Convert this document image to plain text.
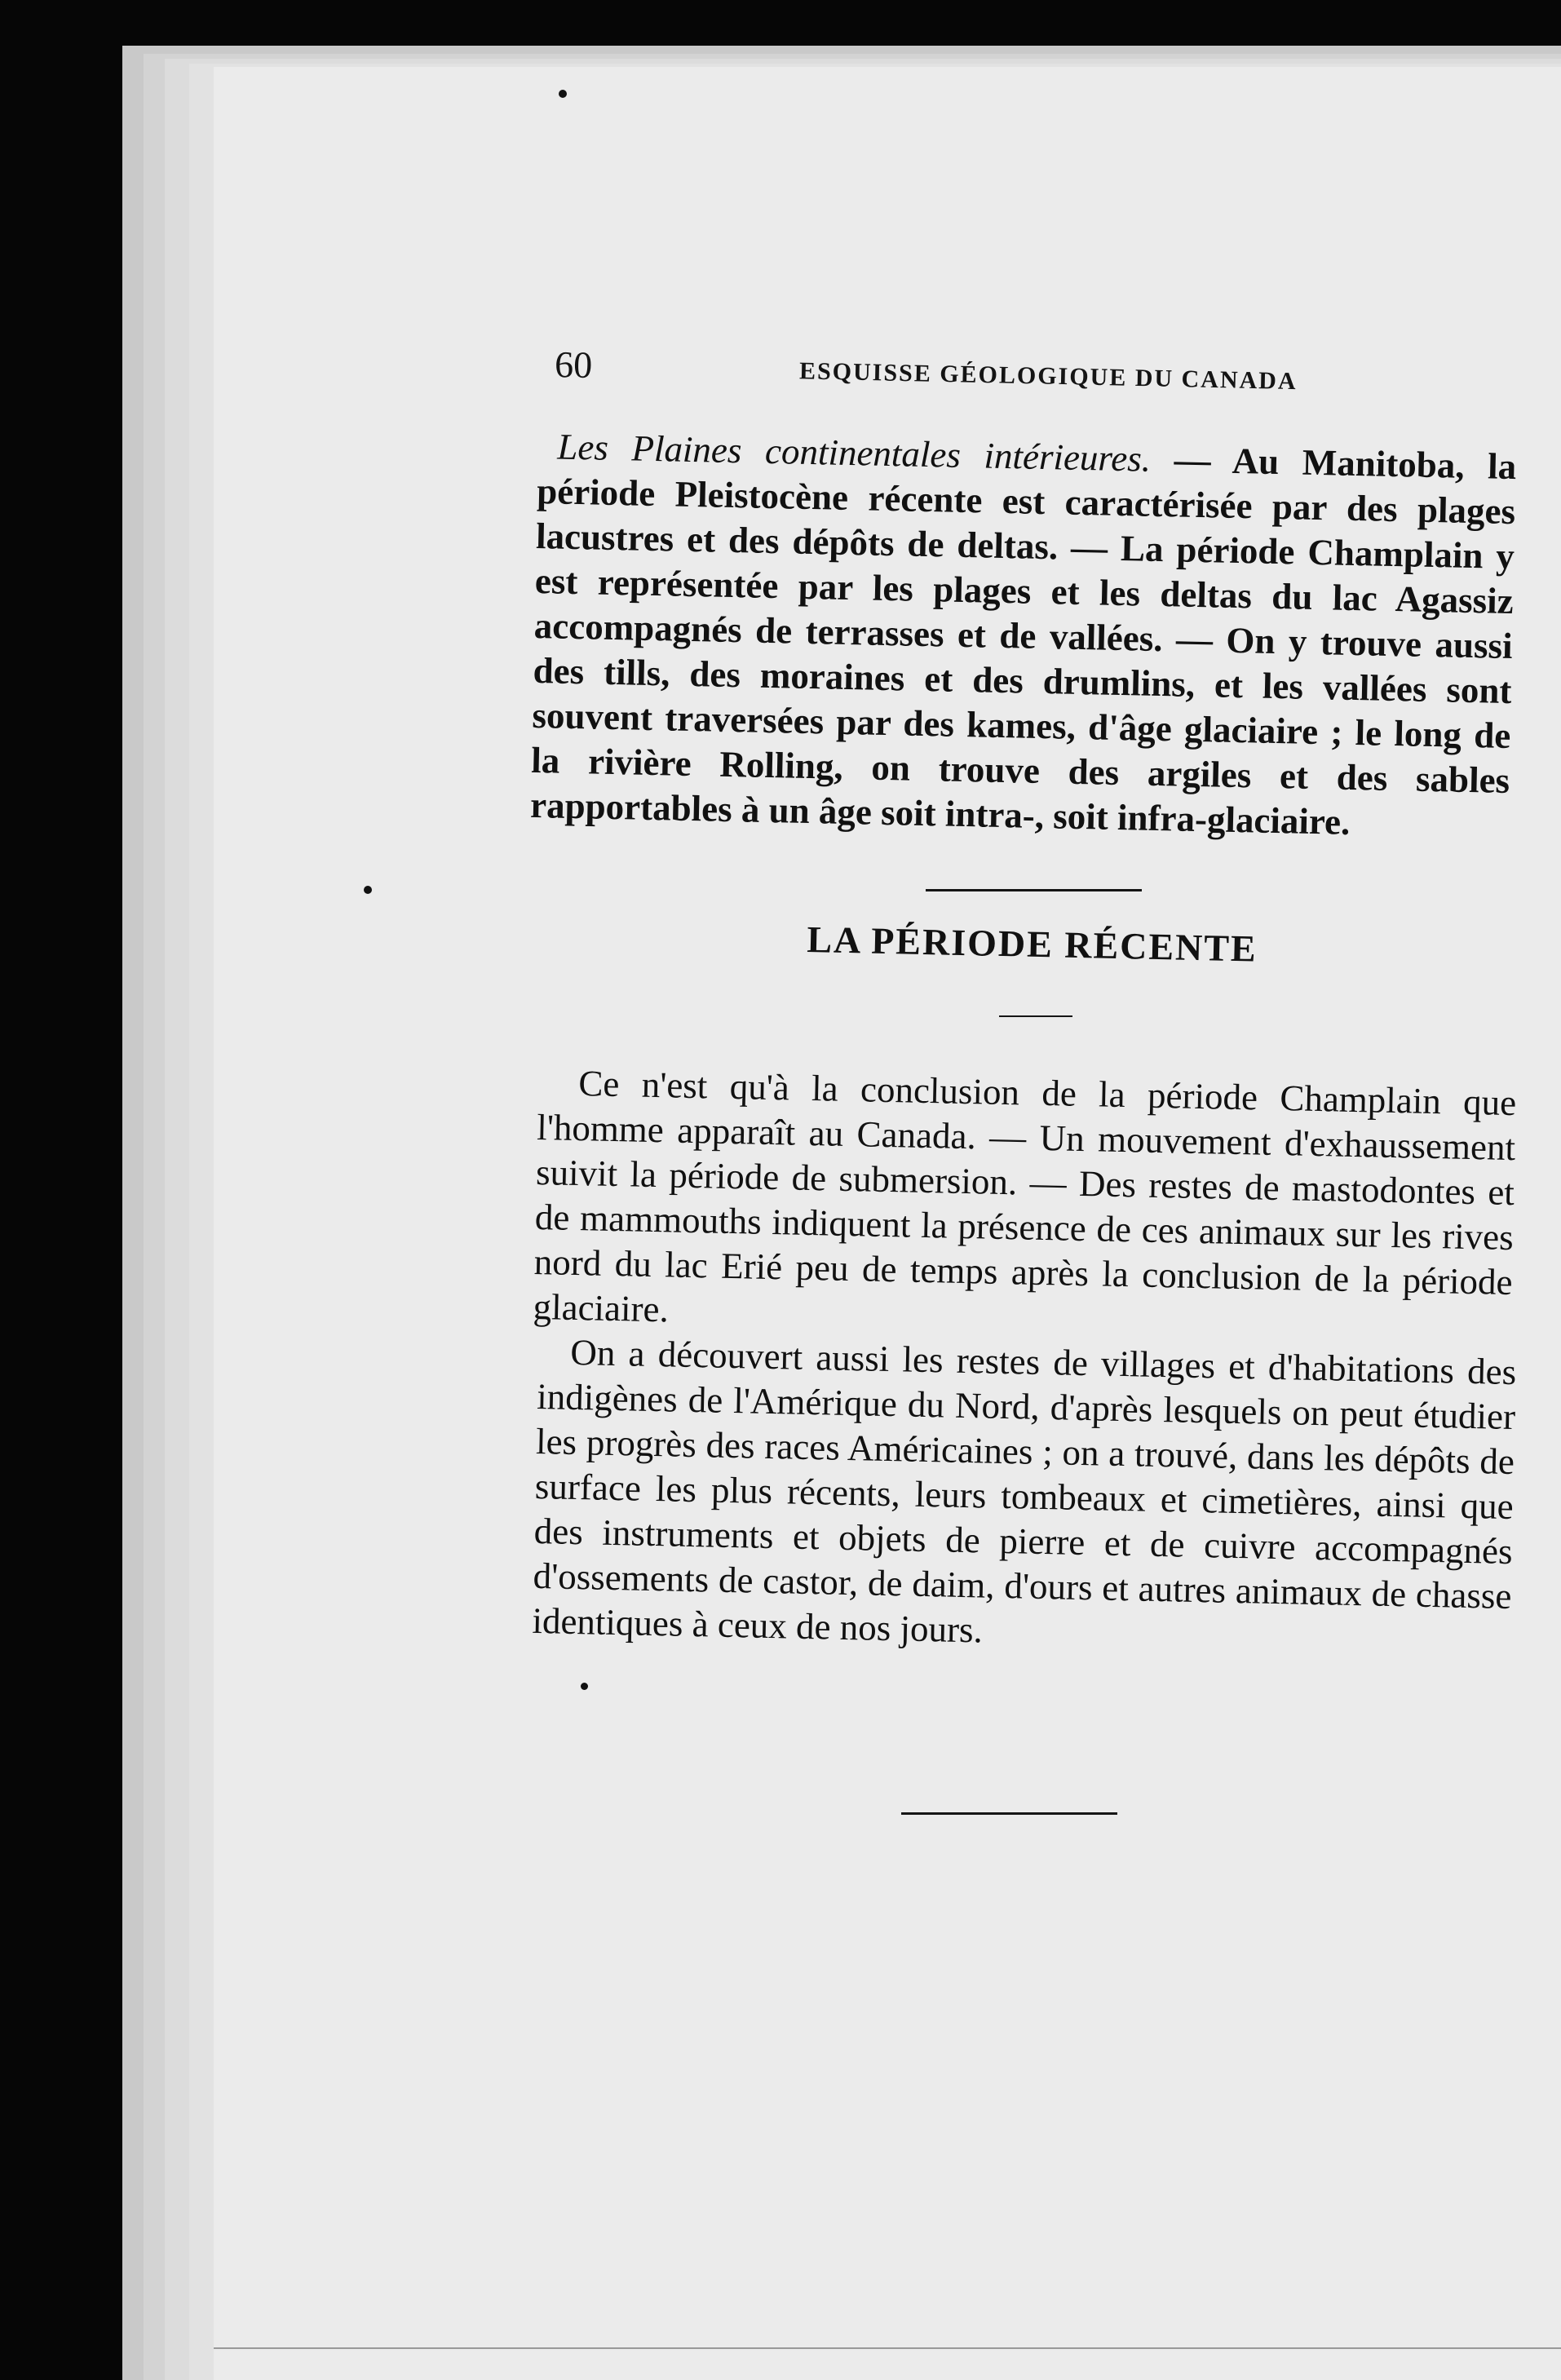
60	ESQUISSE GÉOLOGIQUE DU CANADA
Les Plaines continentales intérieures. — Au Manitoba, la période Pleistocène récente est caractérisée par des plages lacustres et des dépôts de deltas. — La période Champlain y est représentée par les plages et les deltas du lac Agassiz accompagnés de terrasses et de vallées. — On y trouve aussi des tills, des moraines et des drumlins, et les vallées sont souvent traversées par des kames, d'âge glaciaire ; le long de la rivière Rolling, on trouve des argiles et des sables rapportables à un âge soit intra-, soit infra-glaciaire.
LA PÉRIODE RÉCENTE
Ce n'est qu'à la conclusion de la période Champlain que l'homme apparaît au Canada. — Un mouvement d'exhaussement suivit la période de submersion. — Des restes de mastodontes et de mammouths indiquent la présence de ces animaux sur les rives nord du lac Erié peu de temps après la conclusion de la période glaciaire.
On a découvert aussi les restes de villages et d'habitations des indigènes de l'Amérique du Nord, d'après lesquels on peut étudier les progrès des races Américaines ; on a trouvé, dans les dépôts de surface les plus récents, leurs tombeaux et cimetières, ainsi que des instruments et objets de pierre et de cuivre accompagnés d'ossements de castor, de daim, d'ours et autres animaux de chasse identiques à ceux de nos jours.
